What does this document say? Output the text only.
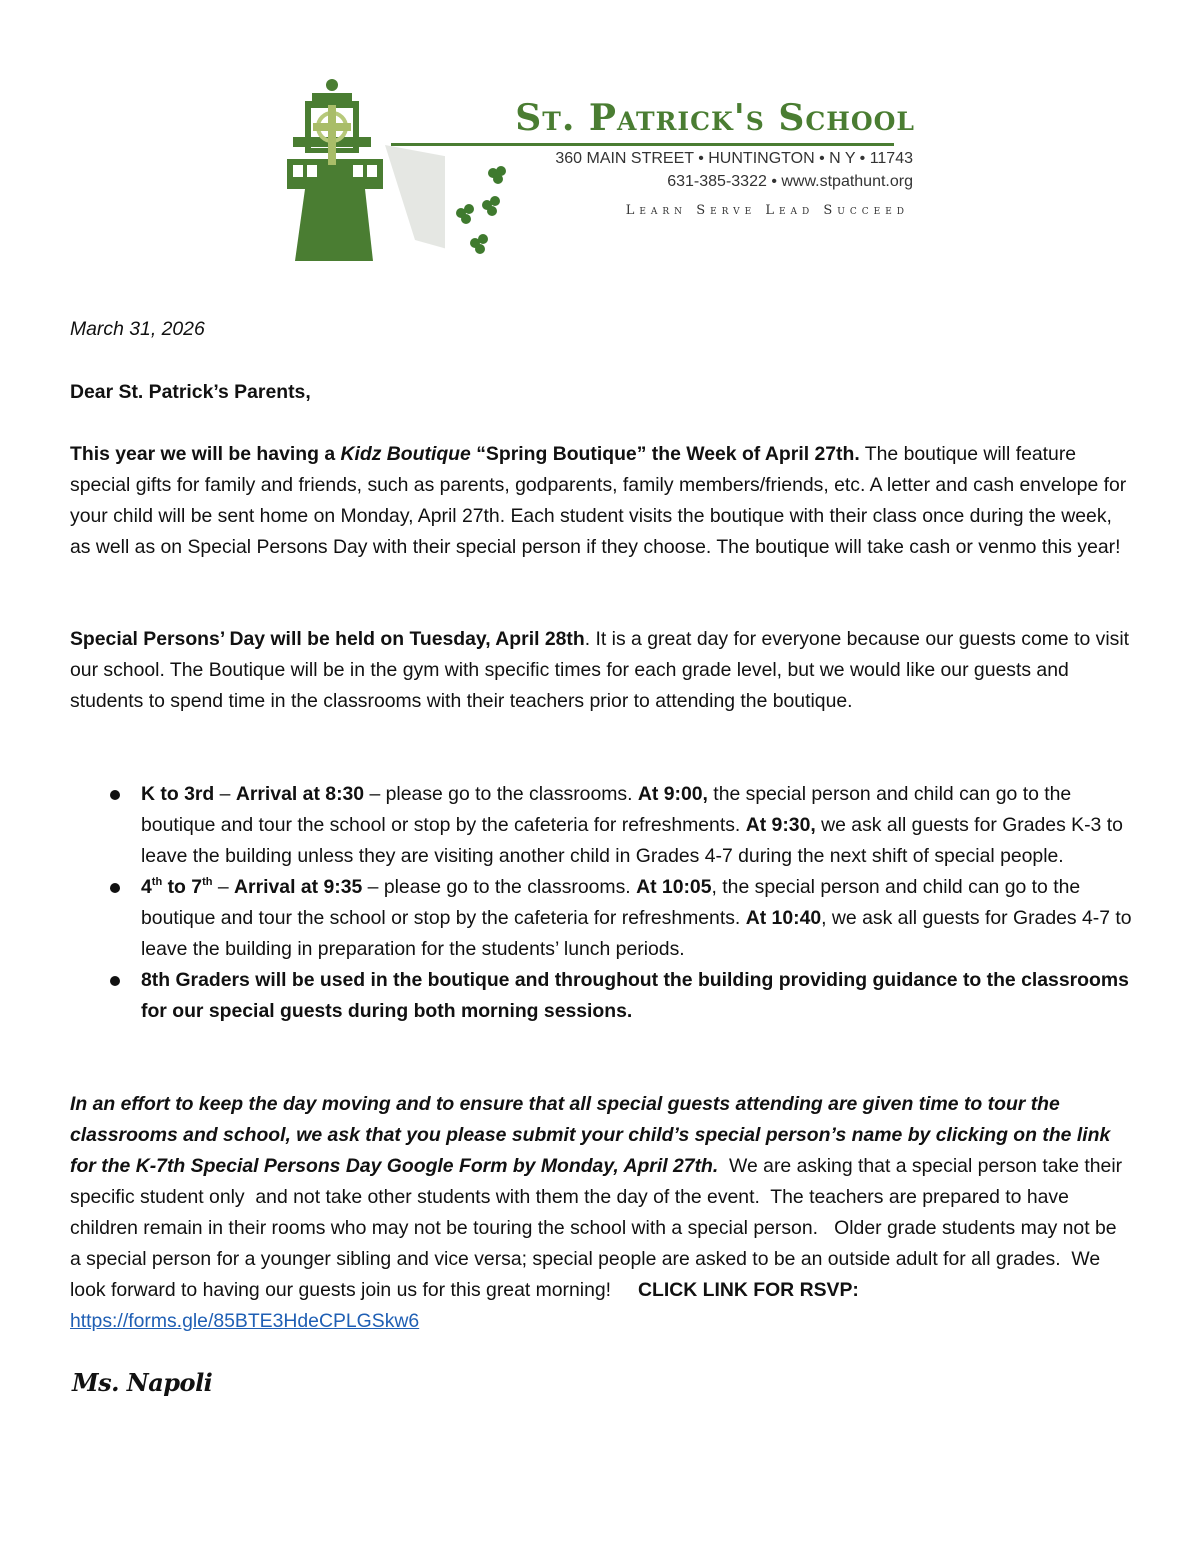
St. Patrick's School
360 MAIN STREET • HUNTINGTON • N Y • 11743
631-385-3322 • www.stpathunt.org
Learn Serve Lead Succeed
March 31, 2026
Dear St. Patrick’s Parents,

This year we will be having a Kidz Boutique “Spring Boutique” the Week of April 27th. The boutique will feature special gifts for family and friends, such as parents, godparents, family members/friends, etc. A letter and cash envelope for your child will be sent home on Monday, April 27th. Each student visits the boutique with their class once during the week, as well as on Special Persons Day with their special person if they choose. The boutique will take cash or venmo this year!

Special Persons’ Day will be held on Tuesday, April 28th. It is a great day for everyone because our guests come to visit our school. The Boutique will be in the gym with specific times for each grade level, but we would like our guests and students to spend time in the classrooms with their teachers prior to attending the boutique.

K to 3rd – Arrival at 8:30 – please go to the classrooms. At 9:00, the special person and child can go to the boutique and tour the school or stop by the cafeteria for refreshments. At 9:30, we ask all guests for Grades K-3 to leave the building unless they are visiting another child in Grades 4-7 during the next shift of special people.
4th to 7th – Arrival at 9:35 – please go to the classrooms. At 10:05, the special person and child can go to the boutique and tour the school or stop by the cafeteria for refreshments. At 10:40, we ask all guests for Grades 4-7 to leave the building in preparation for the students’ lunch periods.
8th Graders will be used in the boutique and throughout the building providing guidance to the classrooms for our special guests during both morning sessions.

In an effort to keep the day moving and to ensure that all special guests attending are given time to tour the classrooms and school, we ask that you please submit your child’s special person’s name by clicking on the link for the K-7th Special Persons Day Google Form by Monday, April 27th.  We are asking that a special person take their specific student only  and not take other students with them the day of the event.  The teachers are prepared to have children remain in their rooms who may not be touring the school with a special person.   Older grade students may not be a special person for a younger sibling and vice versa; special people are asked to be an outside adult for all grades.  We look forward to having our guests join us for this great morning!     CLICK LINK FOR RSVP: https://forms.gle/85BTE3HdeCPLGSkw6

Ms. Napoli
